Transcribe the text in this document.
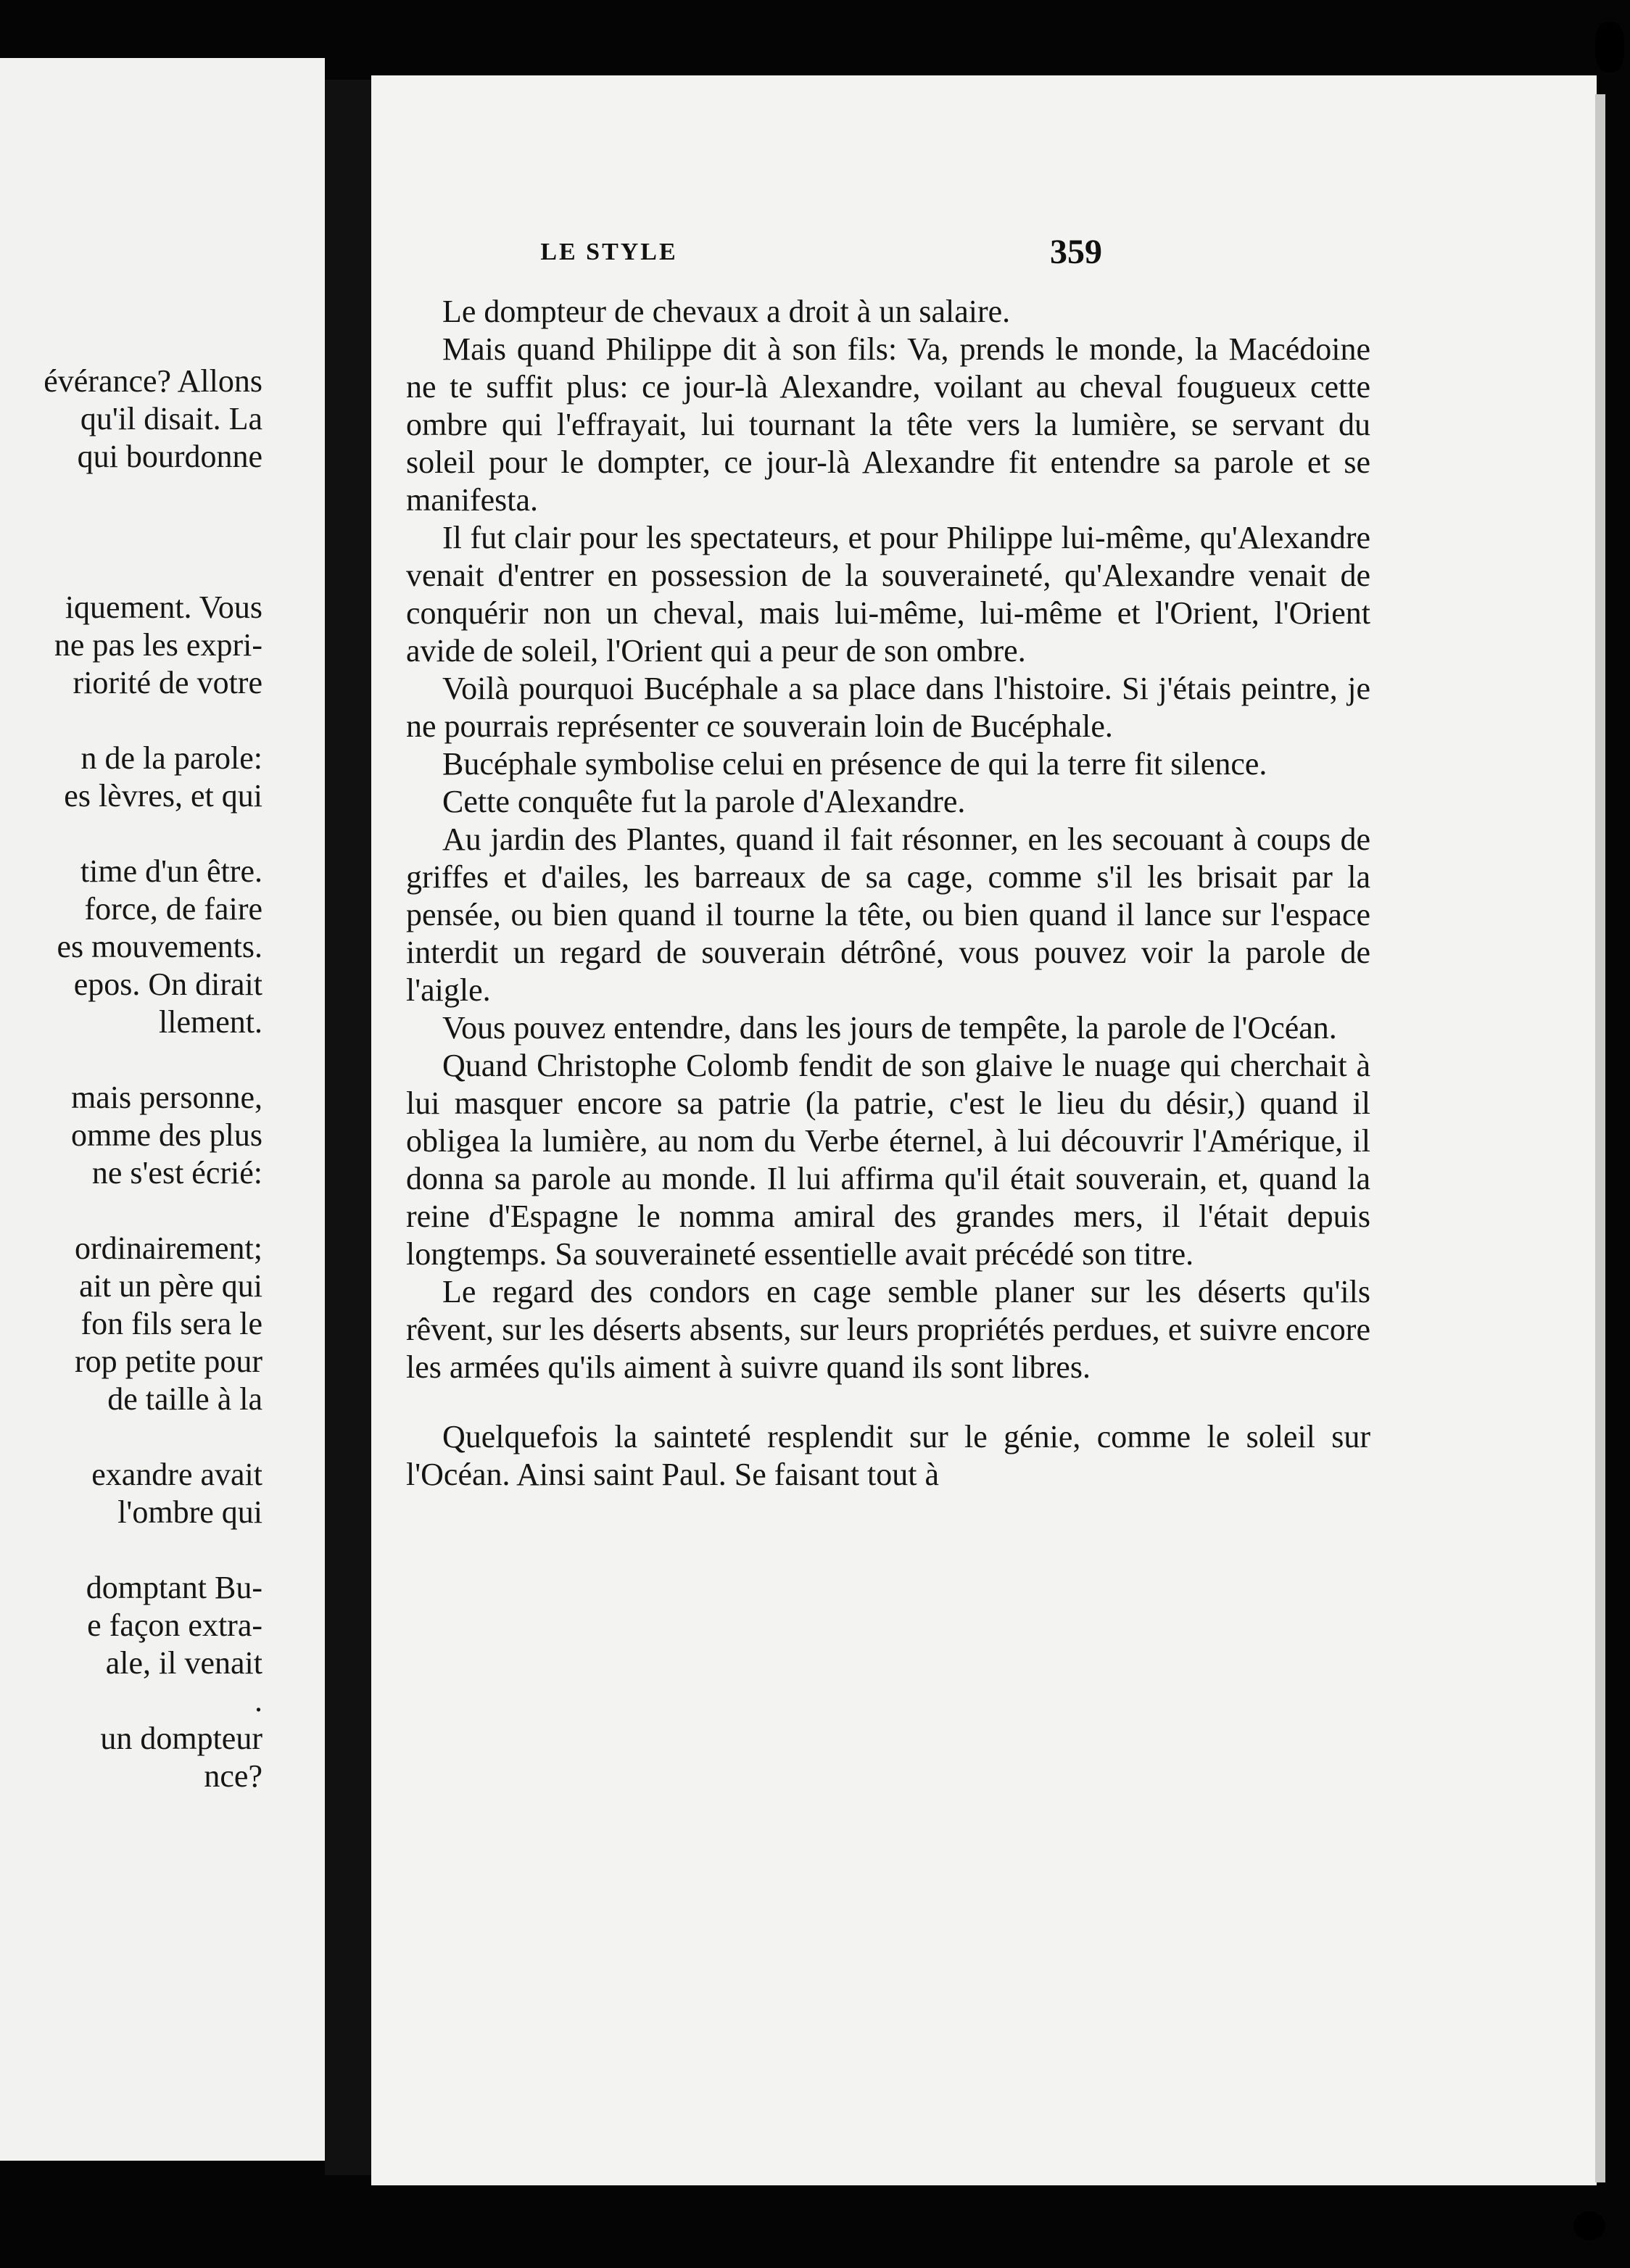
évérance? Allons
qu'il disait. La
qui bourdonne
iquement. Vous
ne pas les expri-
riorité de votre
n de la parole:
es lèvres, et qui
time d'un être.
force, de faire
es mouvements.
epos. On dirait
llement.
mais personne,
omme des plus
ne s'est écrié:
ordinairement;
ait un père qui
fon fils sera le
rop petite pour
de taille à la
exandre avait
l'ombre qui
domptant Bu-
e façon extra-
ale, il venait
.
un dompteur
nce?
LE STYLE	359

Le dompteur de chevaux a droit à un salaire.

Mais quand Philippe dit à son fils: Va, prends le monde, la Macédoine ne te suffit plus: ce jour-là Alexandre, voilant au cheval fougueux cette ombre qui l'effrayait, lui tournant la tête vers la lumière, se servant du soleil pour le dompter, ce jour-là Alexandre fit entendre sa parole et se manifesta.

Il fut clair pour les spectateurs, et pour Philippe lui-même, qu'Alexandre venait d'entrer en possession de la souveraineté, qu'Alexandre venait de conquérir non un cheval, mais lui-même, lui-même et l'Orient, l'Orient avide de soleil, l'Orient qui a peur de son ombre.

Voilà pourquoi Bucéphale a sa place dans l'histoire. Si j'étais peintre, je ne pourrais représenter ce souverain loin de Bucéphale.

Bucéphale symbolise celui en présence de qui la terre fit silence.

Cette conquête fut la parole d'Alexandre.

Au jardin des Plantes, quand il fait résonner, en les secouant à coups de griffes et d'ailes, les barreaux de sa cage, comme s'il les brisait par la pensée, ou bien quand il tourne la tête, ou bien quand il lance sur l'espace interdit un regard de souverain détrôné, vous pouvez voir la parole de l'aigle.

Vous pouvez entendre, dans les jours de tempête, la parole de l'Océan.

Quand Christophe Colomb fendit de son glaive le nuage qui cherchait à lui masquer encore sa patrie (la patrie, c'est le lieu du désir,) quand il obligea la lumière, au nom du Verbe éternel, à lui découvrir l'Amérique, il donna sa parole au monde. Il lui affirma qu'il était souverain, et, quand la reine d'Espagne le nomma amiral des grandes mers, il l'était depuis longtemps. Sa souveraineté essentielle avait précédé son titre.

Le regard des condors en cage semble planer sur les déserts qu'ils rêvent, sur les déserts absents, sur leurs propriétés perdues, et suivre encore les armées qu'ils aiment à suivre quand ils sont libres.

Quelquefois la sainteté resplendit sur le génie, comme le soleil sur l'Océan. Ainsi saint Paul. Se faisant tout à
